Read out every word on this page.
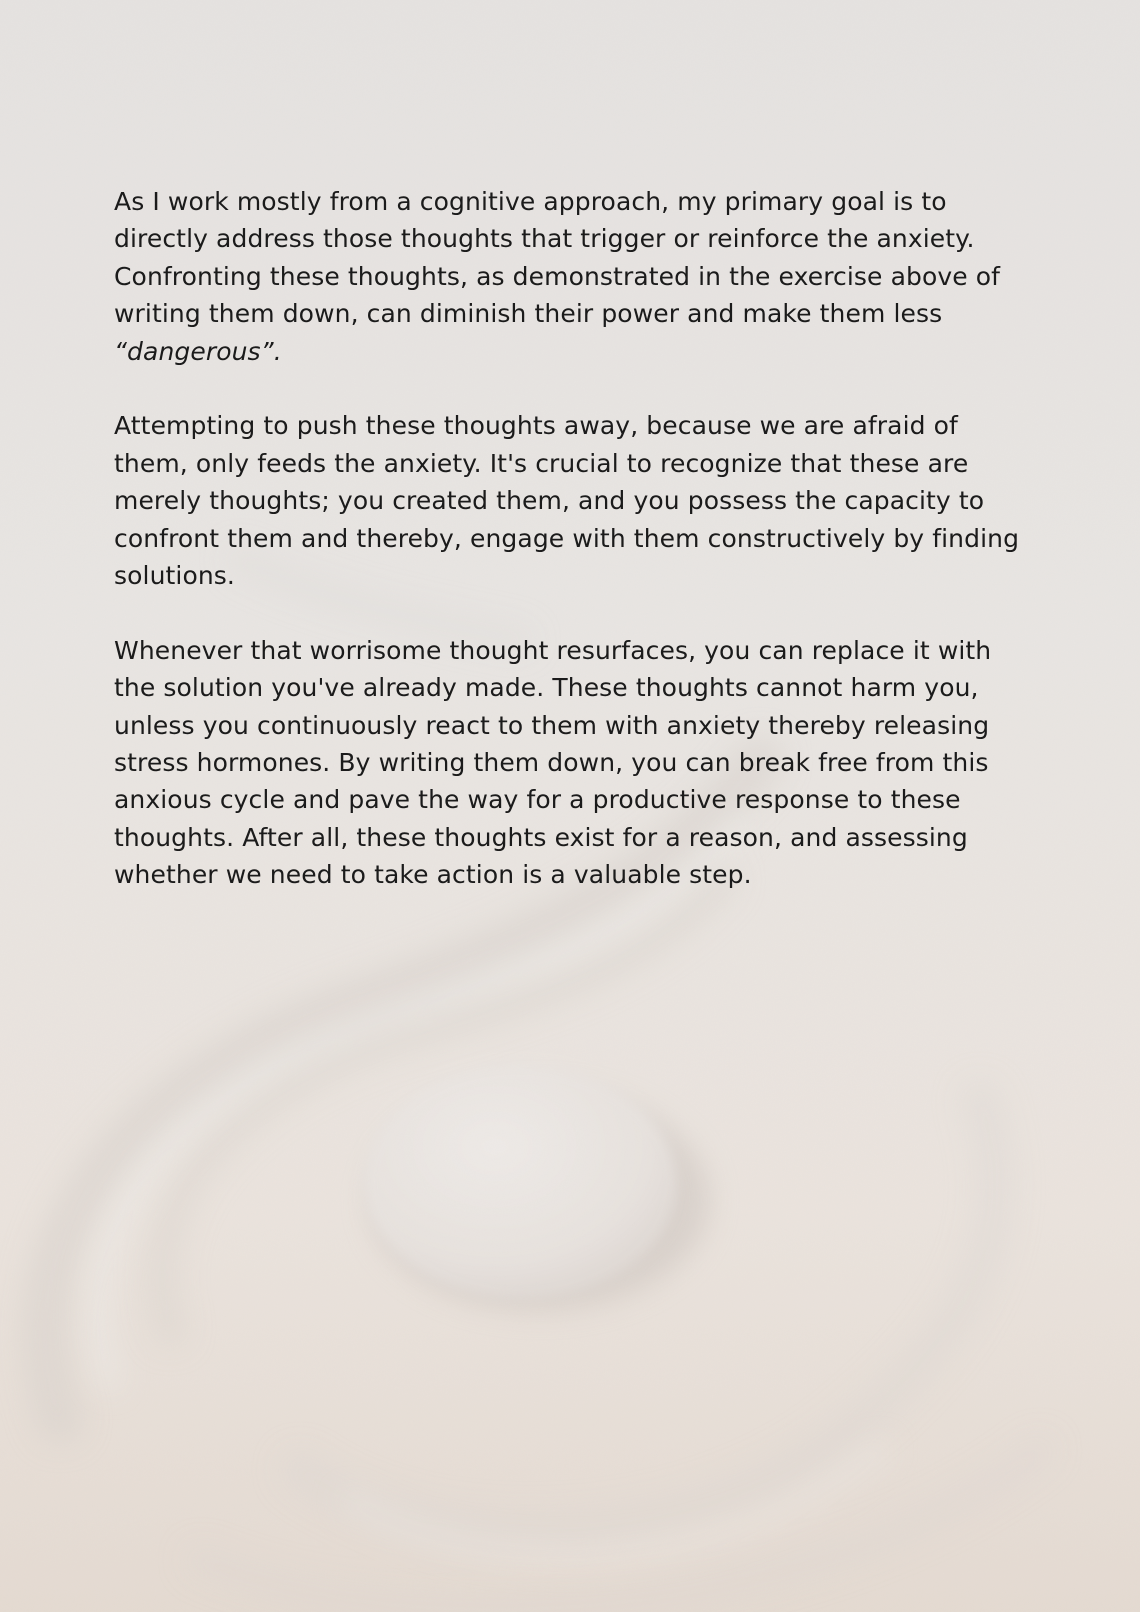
As I work mostly from a cognitive approach, my primary goal is to directly address those thoughts that trigger or reinforce the anxiety. Confronting these thoughts, as demonstrated in the exercise above of writing them down, can diminish their power and make them less “dangerous”.

Attempting to push these thoughts away, because we are afraid of them, only feeds the anxiety. It's crucial to recognize that these are merely thoughts; you created them, and you possess the capacity to confront them and thereby, engage with them constructively by finding solutions.

Whenever that worrisome thought resurfaces, you can replace it with the solution you've already made. These thoughts cannot harm you, unless you continuously react to them with anxiety thereby releasing stress hormones. By writing them down, you can break free from this anxious cycle and pave the way for a productive response to these thoughts. After all, these thoughts exist for a reason, and assessing whether we need to take action is a valuable step.
